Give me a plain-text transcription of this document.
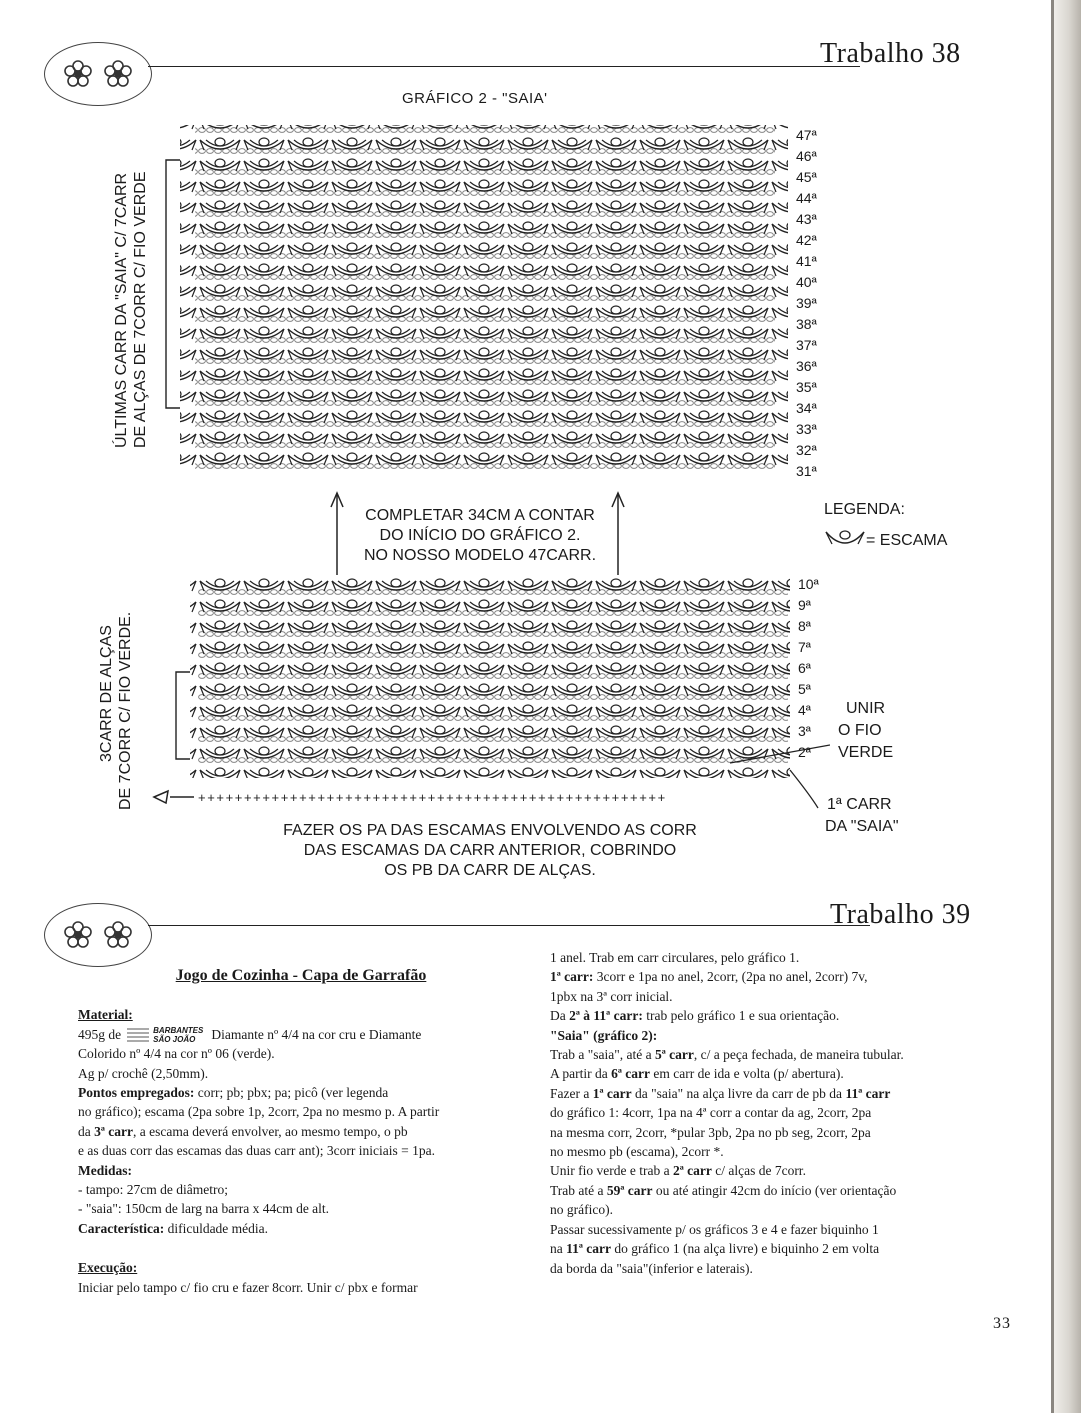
Trabalho 38
GRÁFICO 2 - "SAIA'
+++++++++++++++++++++++++++++++++++++++++++++++++++
ÚLTIMAS CARR DA "SAIA" C/ 7CARR DE ALÇAS DE 7CORR C/ FIO VERDE
3CARR DE ALÇAS DE 7CORR C/ FIO VERDE.
47ª
46ª
45ª
44ª
43ª
42ª
41ª
40ª
39ª
38ª
37ª
36ª
35ª
34ª
33ª
32ª
31ª
10ª
9ª
8ª
7ª
6ª
5ª
4ª
3ª
2ª
COMPLETAR 34CM A CONTAR
DO INÍCIO DO GRÁFICO 2.
NO NOSSO MODELO 47CARR.
LEGENDA:
= ESCAMA
UNIR
O FIO
VERDE
1ª CARR
DA "SAIA"
FAZER OS PA DAS ESCAMAS ENVOLVENDO AS CORR
DAS ESCAMAS DA CARR ANTERIOR, COBRINDO
OS PB DA CARR DE ALÇAS.
Trabalho 39
Jogo de Cozinha - Capa de Garrafão

Material:

495g de	BARBANTES
SÃO JOÃO	Diamante nº 4/4 na cor cru e Diamante

Colorido nº 4/4 na cor nº 06 (verde).

Ag p/ crochê (2,50mm).

Pontos empregados: corr; pb; pbx; pa; picô (ver legenda

no gráfico); escama (2pa sobre 1p, 2corr, 2pa no mesmo p. A partir

da 3ª carr, a escama deverá envolver, ao mesmo tempo, o pb

e as duas corr das escamas das duas carr ant); 3corr iniciais = 1pa.

Medidas:

- tampo: 27cm de diâmetro;

- "saia": 150cm de larg na barra x 44cm de alt.

Característica: dificuldade média.

Execução:

Iniciar pelo tampo c/ fio cru e fazer 8corr. Unir c/ pbx e formar

1 anel. Trab em carr circulares, pelo gráfico 1.

1ª carr: 3corr e 1pa no anel, 2corr, (2pa no anel, 2corr) 7v,

1pbx na 3ª corr inicial.

Da 2ª à 11ª carr: trab pelo gráfico 1 e sua orientação.

"Saia" (gráfico 2):

Trab a "saia", até a 5ª carr, c/ a peça fechada, de maneira tubular.

A partir da 6ª carr em carr de ida e volta (p/ abertura).

Fazer a 1ª carr da "saia" na alça livre da carr de pb da 11ª carr

do gráfico 1: 4corr, 1pa na 4ª corr a contar da ag, 2corr, 2pa

na mesma corr, 2corr, *pular 3pb, 2pa no pb seg, 2corr, 2pa

no mesmo pb (escama), 2corr *.

Unir fio verde e trab a 2ª carr c/ alças de 7corr.

Trab até a 59ª carr ou até atingir 42cm do início (ver orientação

no gráfico).

Passar sucessivamente p/ os gráficos 3 e 4 e fazer biquinho 1

na 11ª carr do gráfico 1 (na alça livre) e biquinho 2 em volta

da borda da "saia"(inferior e laterais).

33
